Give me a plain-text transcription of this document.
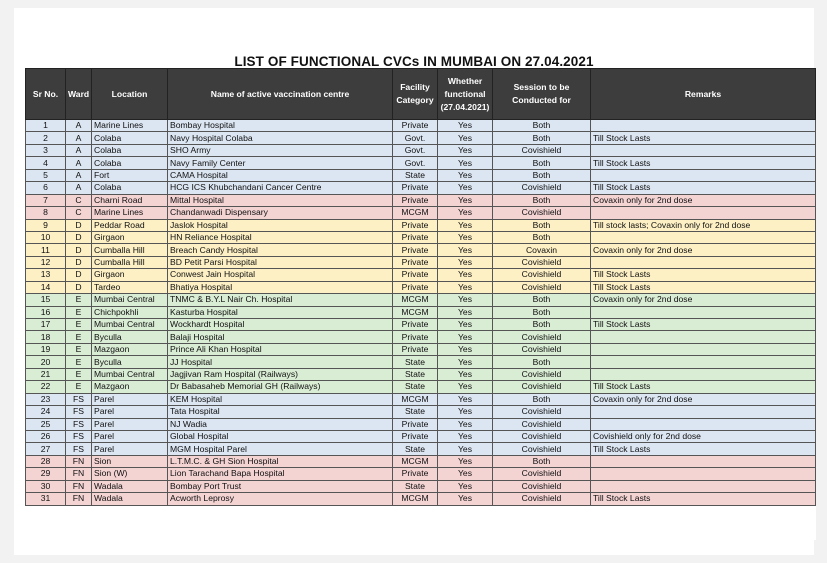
LIST OF FUNCTIONAL CVCs IN MUMBAI ON 27.04.2021
Sr No.	Ward	Location	Name of active vaccination centre	Facility Category	Whether functional (27.04.2021)	Session to be Conducted for	Remarks
1	A	Marine Lines	Bombay Hospital	Private	Yes	Both	
2	A	Colaba	Navy Hospital Colaba	Govt.	Yes	Both	Till Stock Lasts
3	A	Colaba	SHO Army	Govt.	Yes	Covishield	
4	A	Colaba	Navy Family Center	Govt.	Yes	Both	Till Stock Lasts
5	A	Fort	CAMA Hospital	State	Yes	Both	
6	A	Colaba	HCG ICS Khubchandani Cancer Centre	Private	Yes	Covishield	Till Stock Lasts
7	C	Charni Road	Mittal Hospital	Private	Yes	Both	Covaxin only for 2nd dose
8	C	Marine Lines	Chandanwadi Dispensary	MCGM	Yes	Covishield	
9	D	Peddar Road	Jaslok Hospital	Private	Yes	Both	Till stock lasts; Covaxin only for 2nd dose
10	D	Girgaon	HN Reliance Hospital	Private	Yes	Both	
11	D	Cumballa Hill	Breach Candy Hospital	Private	Yes	Covaxin	Covaxin only for 2nd dose
12	D	Cumballa Hill	BD Petit Parsi Hospital	Private	Yes	Covishield	
13	D	Girgaon	Conwest Jain Hospital	Private	Yes	Covishield	Till Stock Lasts
14	D	Tardeo	Bhatiya Hospital	Private	Yes	Covishield	Till Stock Lasts
15	E	Mumbai Central	TNMC & B.Y.L Nair Ch. Hospital	MCGM	Yes	Both	Covaxin only for 2nd dose
16	E	Chichpokhli	Kasturba Hospital	MCGM	Yes	Both	
17	E	Mumbai Central	Wockhardt Hospital	Private	Yes	Both	Till Stock Lasts
18	E	Byculla	Balaji Hospital	Private	Yes	Covishield	
19	E	Mazgaon	Prince Ali Khan Hospital	Private	Yes	Covishield	
20	E	Byculla	JJ Hospital	State	Yes	Both	
21	E	Mumbai Central	Jagjivan Ram Hospital (Railways)	State	Yes	Covishield	
22	E	Mazgaon	Dr Babasaheb Memorial GH (Railways)	State	Yes	Covishield	Till Stock Lasts
23	FS	Parel	KEM Hospital	MCGM	Yes	Both	Covaxin only for 2nd dose
24	FS	Parel	Tata Hospital	State	Yes	Covishield	
25	FS	Parel	NJ Wadia	Private	Yes	Covishield	
26	FS	Parel	Global Hospital	Private	Yes	Covishield	Covishield only for 2nd dose
27	FS	Parel	MGM Hospital Parel	State	Yes	Covishield	Till Stock Lasts
28	FN	Sion	L.T.M.C. & GH Sion Hospital	MCGM	Yes	Both	
29	FN	Sion (W)	Lion Tarachand Bapa Hospital	Private	Yes	Covishield	
30	FN	Wadala	Bombay Port Trust	State	Yes	Covishield	
31	FN	Wadala	Acworth Leprosy	MCGM	Yes	Covishield	Till Stock Lasts
